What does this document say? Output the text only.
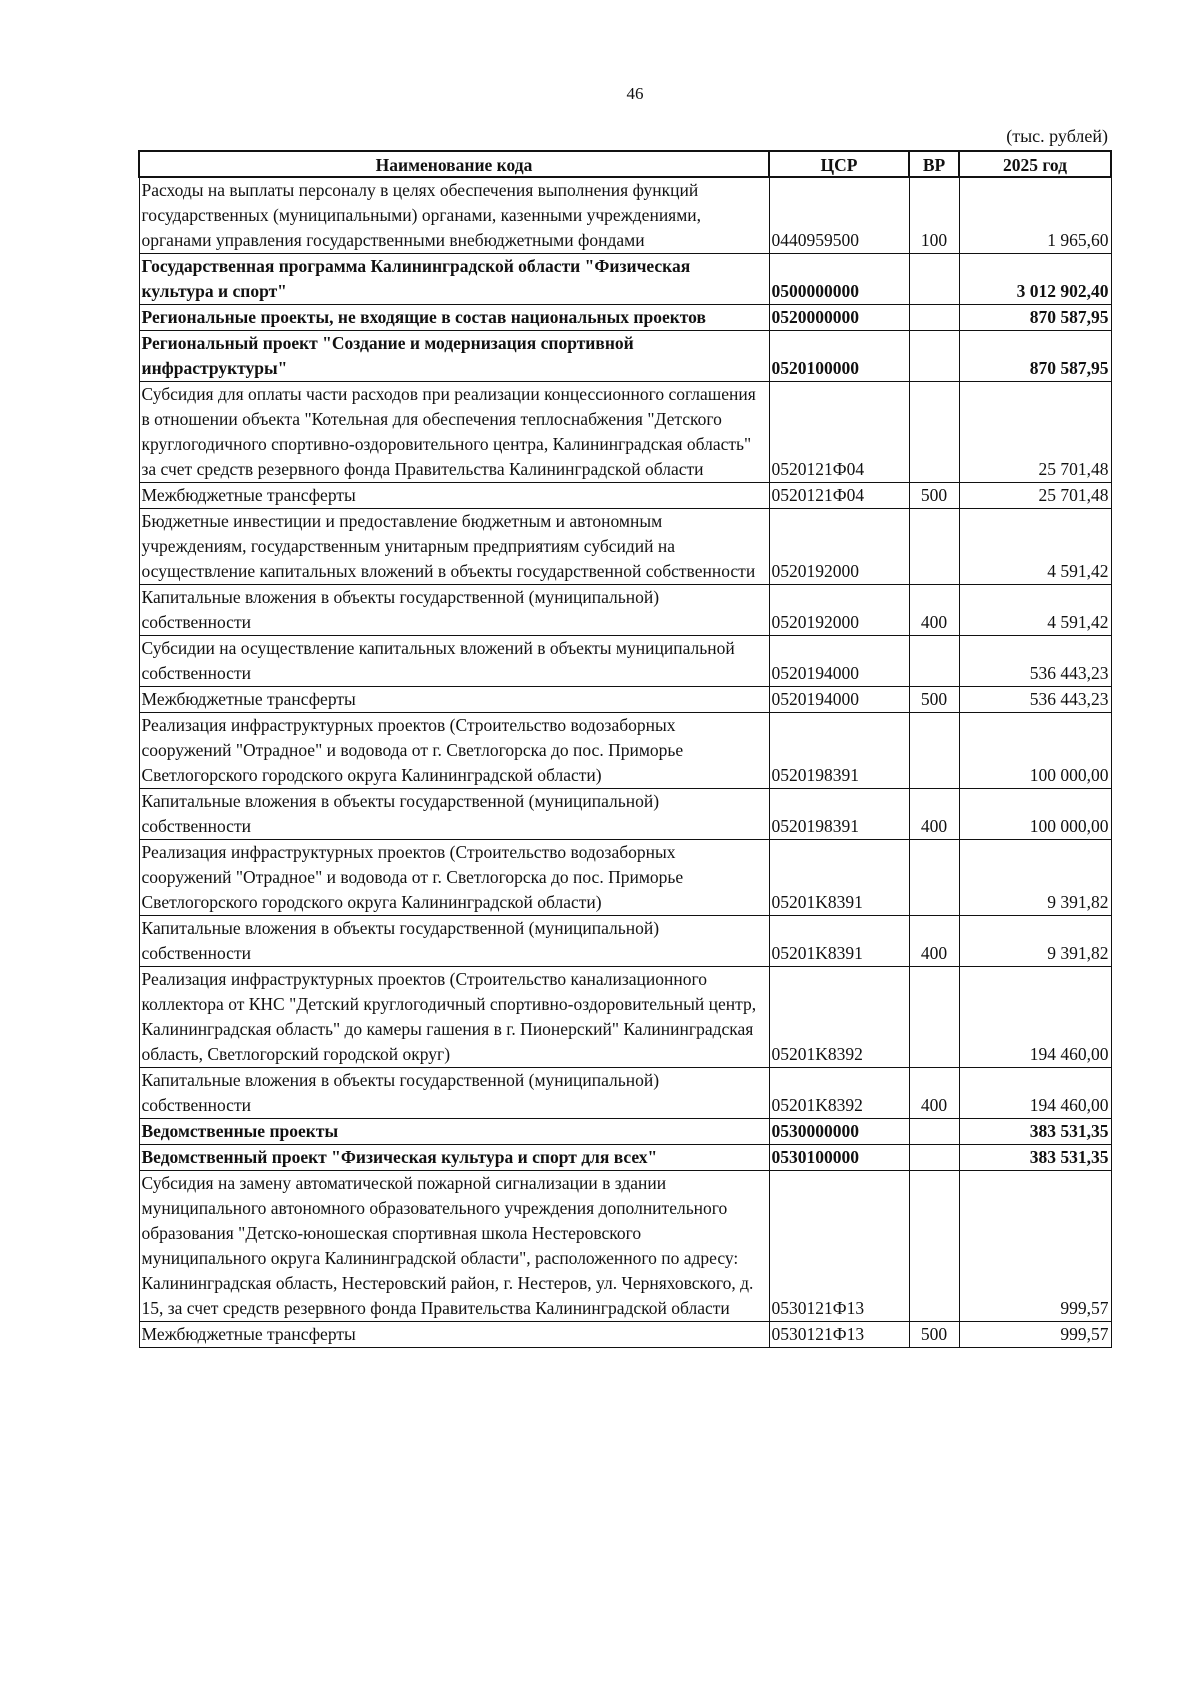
46
(тыс. рублей)
Наименование кода	ЦСР	ВР	2025 год
Расходы на выплаты персоналу в целях обеспечения выполнения функций государственных (муниципальными) органами, казенными учреждениями, органами управления государственными внебюджетными фондами	0440959500	100	1 965,60
Государственная программа Калининградской области "Физическая культура и спорт"	0500000000		3 012 902,40
Региональные проекты, не входящие в состав национальных проектов	0520000000		870 587,95
Региональный проект "Создание и модернизация спортивной инфраструктуры"	0520100000		870 587,95
Субсидия для оплаты части расходов при реализации концессионного соглашения в отношении объекта "Котельная для обеспечения теплоснабжения "Детского круглогодичного спортивно-оздоровительного центра, Калининградская область" за счет средств резервного фонда Правительства Калининградской области	0520121Ф04		25 701,48
Межбюджетные трансферты	0520121Ф04	500	25 701,48
Бюджетные инвестиции и предоставление бюджетным и автономным учреждениям, государственным унитарным предприятиям субсидий на осуществление капитальных вложений в объекты государственной собственности	0520192000		4 591,42
Капитальные вложения в объекты государственной (муниципальной) собственности	0520192000	400	4 591,42
Субсидии на осуществление капитальных вложений в объекты муниципальной собственности	0520194000		536 443,23
Межбюджетные трансферты	0520194000	500	536 443,23
Реализация инфраструктурных проектов (Строительство водозаборных сооружений "Отрадное" и водовода от г. Светлогорска до пос. Приморье Светлогорского городского округа Калининградской области)	0520198391		100 000,00
Капитальные вложения в объекты государственной (муниципальной) собственности	0520198391	400	100 000,00
Реализация инфраструктурных проектов (Строительство водозаборных сооружений "Отрадное" и водовода от г. Светлогорска до пос. Приморье Светлогорского городского округа Калининградской области)	05201K8391		9 391,82
Капитальные вложения в объекты государственной (муниципальной) собственности	05201K8391	400	9 391,82
Реализация инфраструктурных проектов (Строительство канализационного коллектора от КНС "Детский круглогодичный спортивно-оздоровительный центр, Калининградская область" до камеры гашения в г. Пионерский" Калининградская область, Светлогорский городской округ)	05201K8392		194 460,00
Капитальные вложения в объекты государственной (муниципальной) собственности	05201K8392	400	194 460,00
Ведомственные проекты	0530000000		383 531,35
Ведомственный проект "Физическая культура и спорт для всех"	0530100000		383 531,35
Субсидия на замену автоматической пожарной сигнализации в здании муниципального автономного образовательного учреждения дополнительного образования "Детско-юношеская спортивная школа Нестеровского муниципального округа Калининградской области", расположенного по адресу: Калининградская область, Нестеровский район, г. Нестеров, ул. Черняховского, д. 15, за счет средств резервного фонда Правительства Калининградской области	0530121Ф13		999,57
Межбюджетные трансферты	0530121Ф13	500	999,57
